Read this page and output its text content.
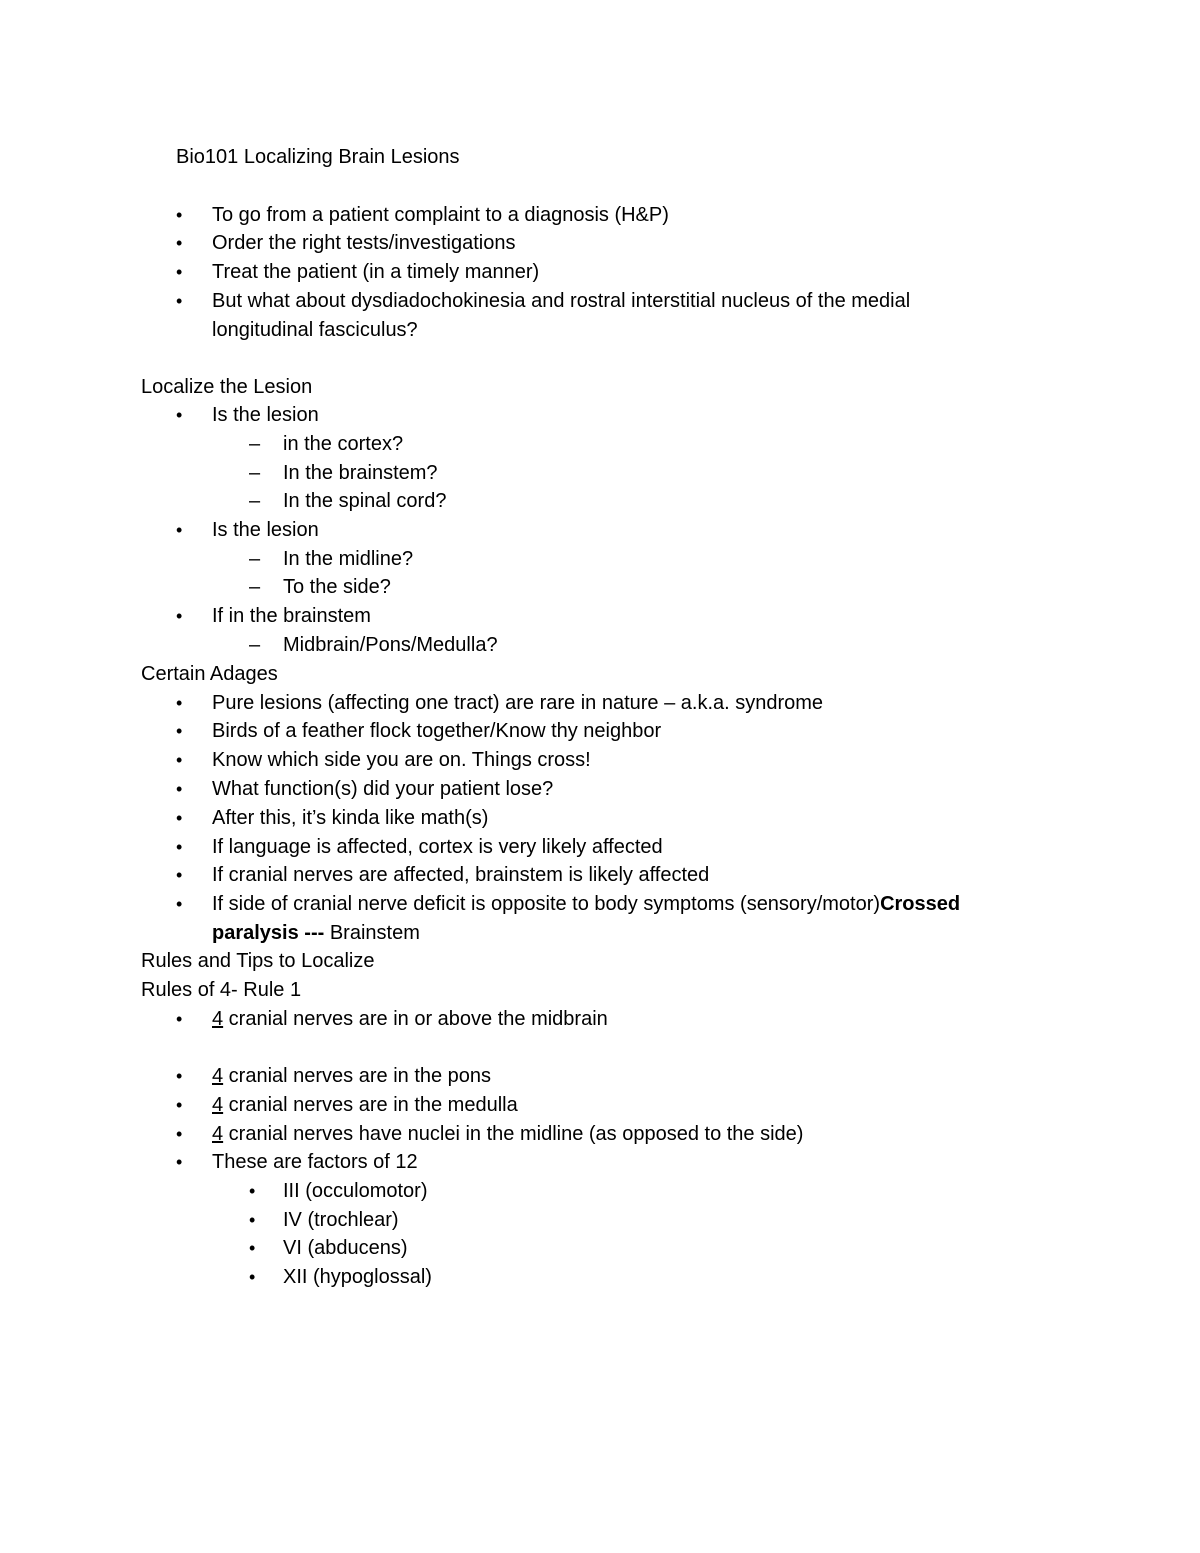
Bio101 Localizing Brain Lesions
• To go from a patient complaint to a diagnosis (H&P)
• Order the right tests/investigations
• Treat the patient (in a timely manner)
• But what about dysdiadochokinesia and rostral interstitial nucleus of the medial
longitudinal fasciculus?
Localize the Lesion
• Is the lesion
– in the cortex?
– In the brainstem?
– In the spinal cord?
• Is the lesion
– In the midline?
– To the side?
• If in the brainstem
– Midbrain/Pons/Medulla?
Certain Adages
• Pure lesions (affecting one tract) are rare in nature – a.k.a. syndrome
• Birds of a feather flock together/Know thy neighbor
• Know which side you are on. Things cross!
• What function(s) did your patient lose?
• After this, it’s kinda like math(s)
• If language is affected, cortex is very likely affected
• If cranial nerves are affected, brainstem is likely affected
• If side of cranial nerve deficit is opposite to body symptoms (sensory/motor)Crossed
paralysis --- Brainstem
Rules and Tips to Localize
Rules of 4- Rule 1
• 4 cranial nerves are in or above the midbrain
• 4 cranial nerves are in the pons
• 4 cranial nerves are in the medulla
• 4 cranial nerves have nuclei in the midline (as opposed to the side)
• These are factors of 12
• III (occulomotor)
• IV (trochlear)
• VI (abducens)
• XII (hypoglossal)
